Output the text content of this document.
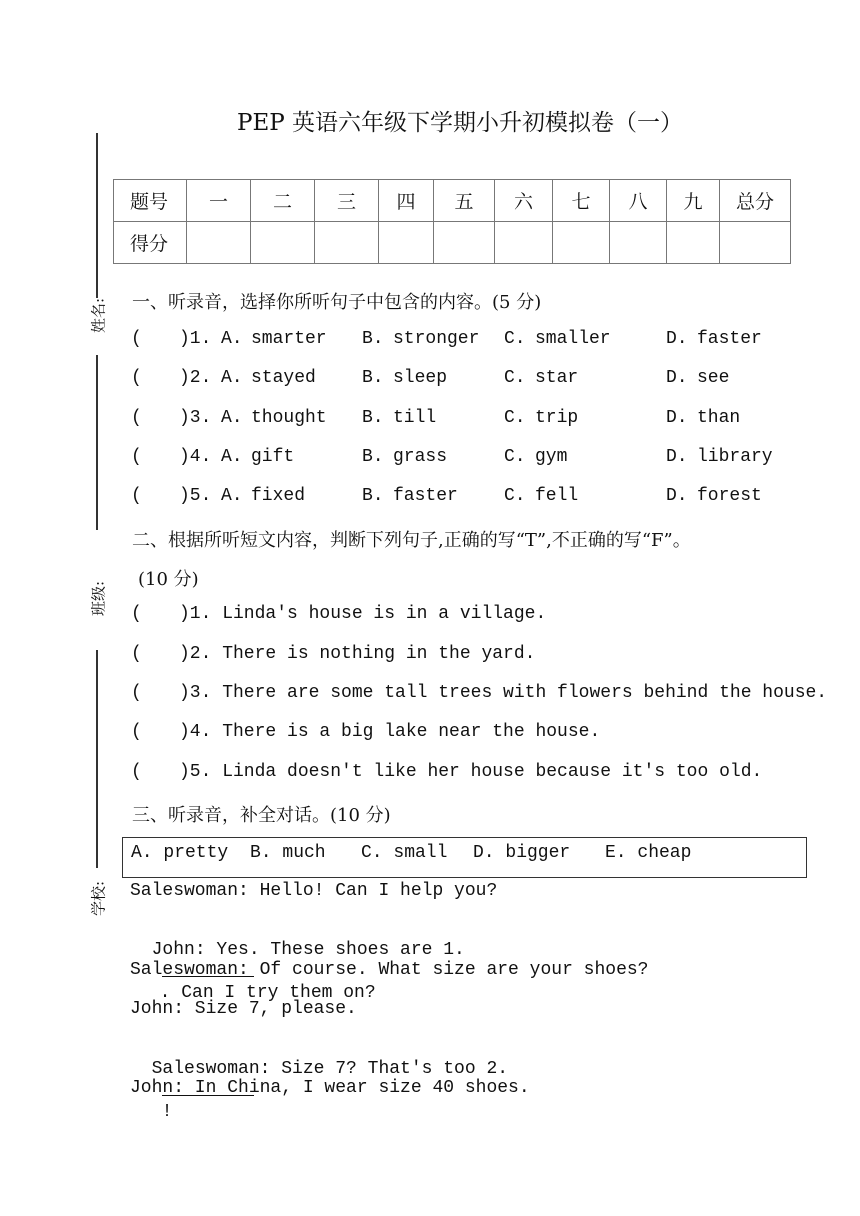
PEP 英语六年级下学期小升初模拟卷（一）
姓名:
班级:
学校:
题号	一	二	三	四	五	六	七	八	九	总分
得分										
一、听录音，选择你所听句子中包含的内容。(5 分)
( )1. A. smarter B. stronger C. smaller	D. faster
( )2. A. stayed	B. sleep	C. star	D. see
( )3. A. thought B. till	C. trip	D. than
( )4. A. gift	B. grass	C. gym	D. library
( )5. A. fixed	B. faster	C. fell	D. forest
二、根据所听短文内容，判断下列句子,正确的写“T”,不正确的写“F”。
(10 分)
( )1. Linda's house is in a village.
( )2. There is nothing in the yard.
( )3. There are some tall trees with flowers behind the house.
( )4. There is a big lake near the house.
( )5. Linda doesn't like her house because it's too old.
三、听录音，补全对话。(10 分)
A. pretty B. much C. small D. bigger E. cheap
Saleswoman: Hello! Can I help you?

John: Yes. These shoes are 1.

. Can I try them on?

Saleswoman: Of course. What size are your shoes?
John: Size 7, please.

Saleswoman: Size 7? That's too 2.

!

John: In China, I wear size 40 shoes.
